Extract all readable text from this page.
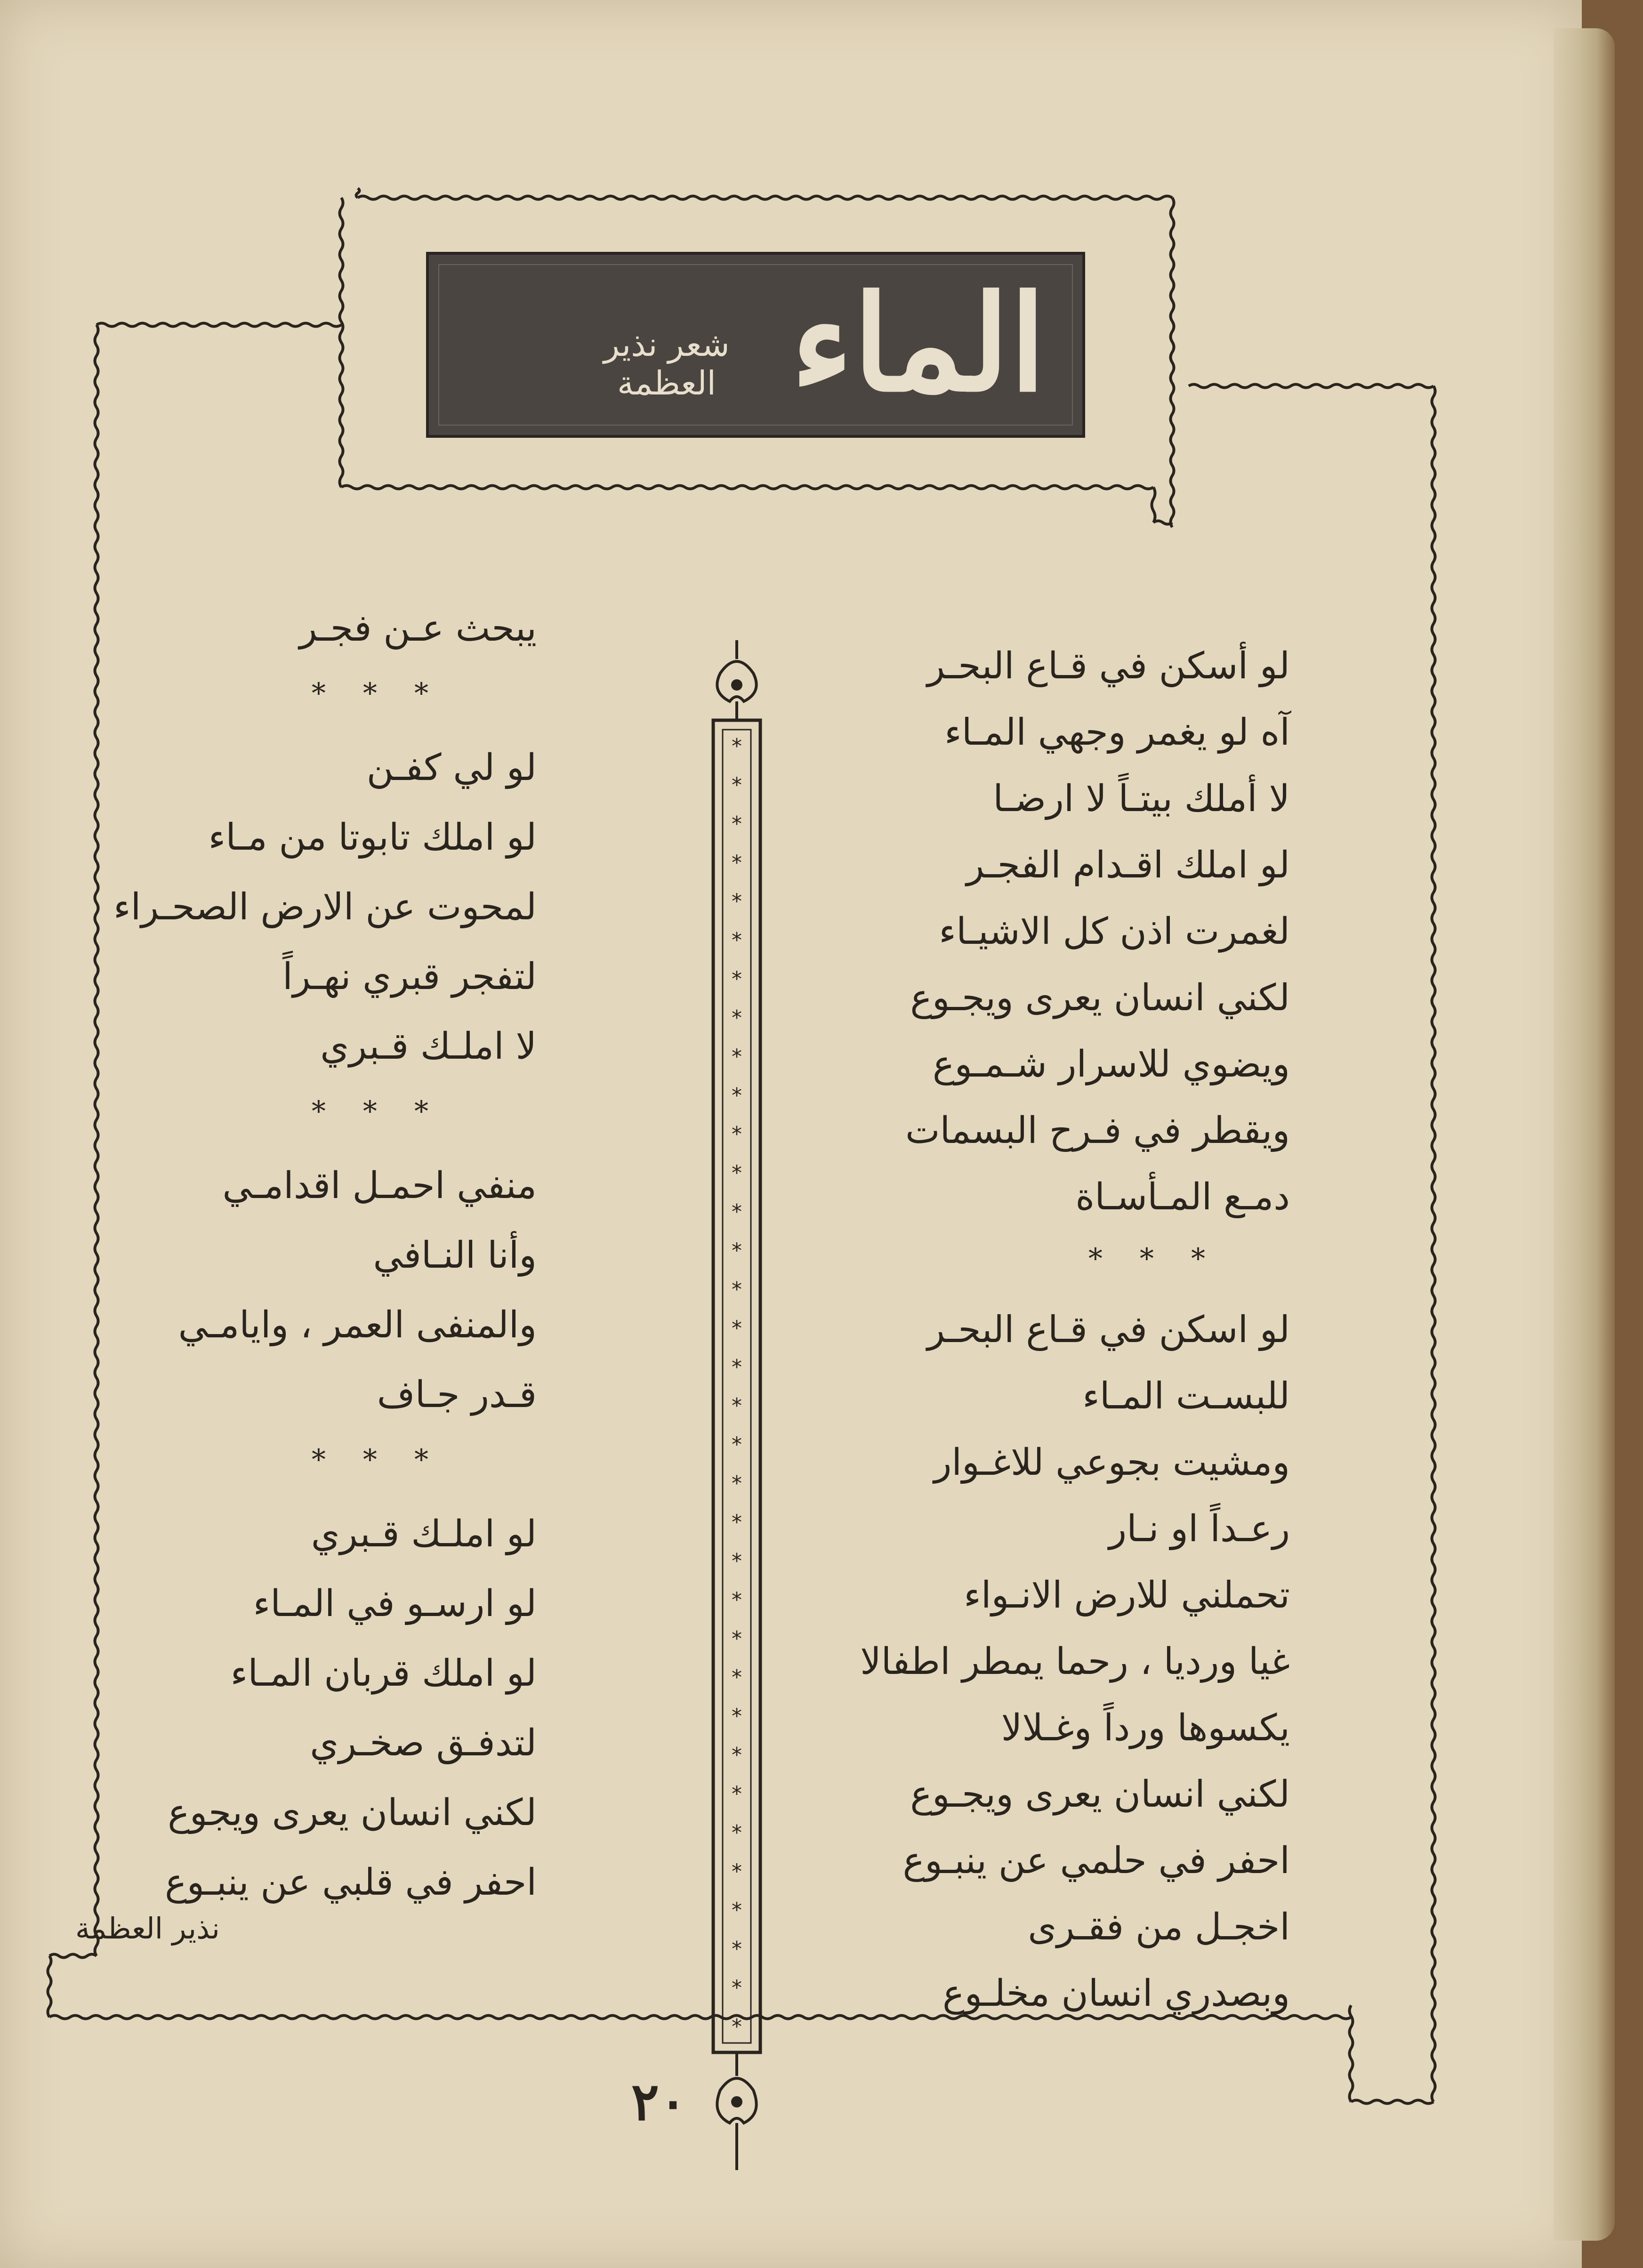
الماء
شعر نذير العظمة
لو أسكن في قـاع البحـر
آه لو يغمر وجهي المـاء
لا أملك بيتـاً لا ارضـا
لو املك اقـدام الفجـر
لغمرت اذن كل الاشيـاء
لكني انسان يعرى ويجـوع
ويضوي للاسرار شـمـوع
ويقطر في فـرح البسمات
دمـع المـأسـاة
* * *
لو اسكن في قـاع البحـر
للبسـت المـاء
ومشيت بجوعي للاغـوار
رعـداً او نـار
تحملني للارض الانـواء
غيا ورديا ، رحما يمطر اطفالا
يكسوها ورداً وغـلالا
لكني انسان يعرى ويجـوع
احفر في حلمي عن ينبـوع
اخجـل من فقـرى
وبصدري انسان مخلـوع
يبحث عـن فجـر
* * *
لو لي كفـن
لو املك تابوتا من مـاء
لمحوت عن الارض الصحـراء
لتفجر قبري نهـراً
لا املـك قـبري
* * *
منفي احمـل اقدامـي
وأنا النـافي
والمنفى العمر ، وايامـي
قـدر جـاف
* * *
لو املـك قـبري
لو ارسـو في المـاء
لو املك قربان المـاء
لتدفـق صخـري
لكني انسان يعرى ويجوع
احفر في قلبي عن ينبـوع
*
*
*
*
*
*
*
*
*
*
*
*
*
*
*
*
*
*
*
*
*
*
*
*
*
*
*
*
*
*
*
*
*
*
نذير العظمة
٢٠
